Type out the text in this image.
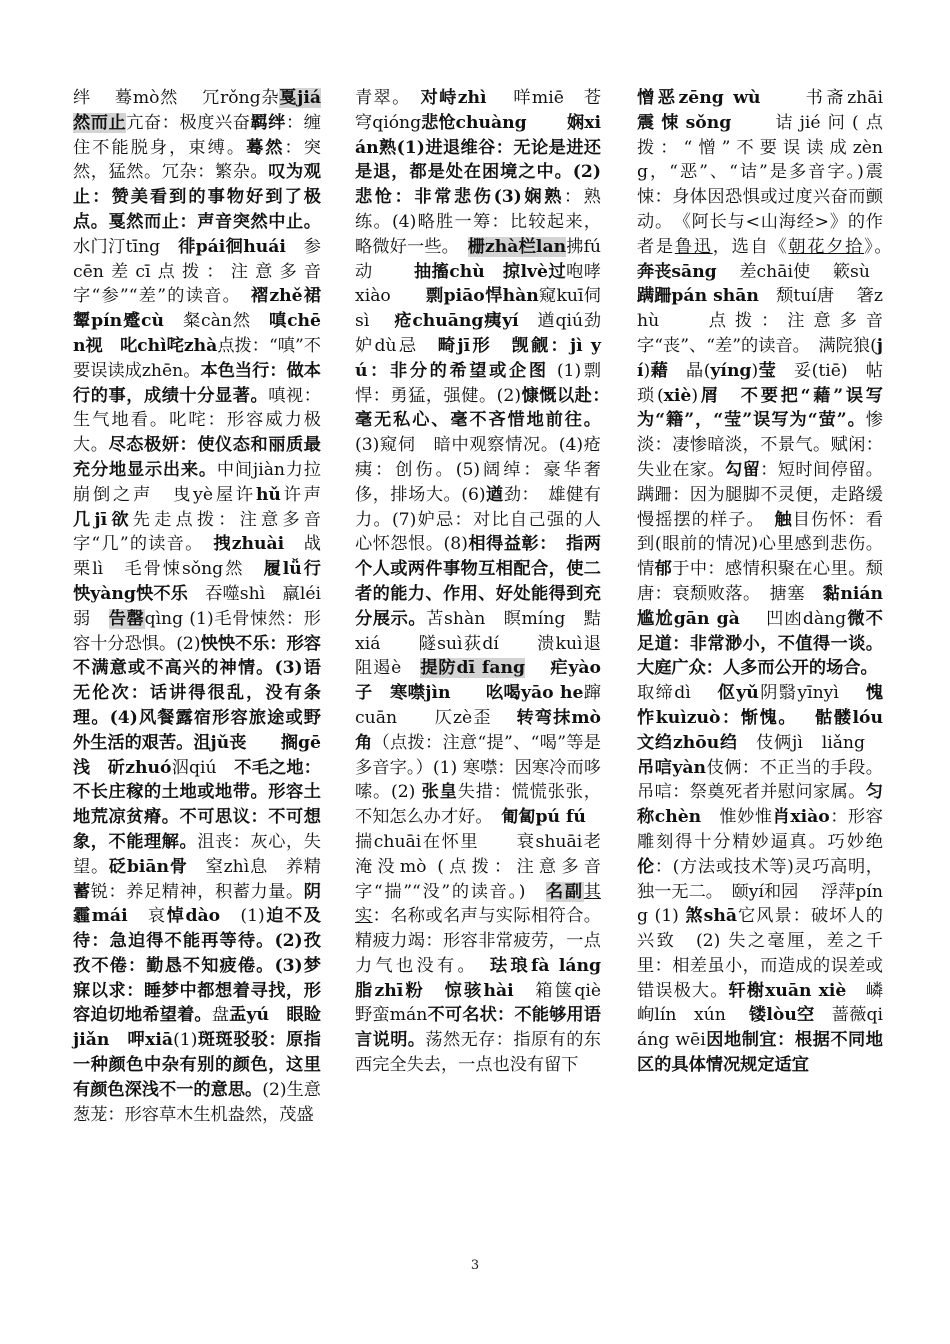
绊　 蓦mò然　 冗rǒng杂戛jiá然而止亢奋：极度兴奋羁绊：缠住不能脱身，束缚。蓦然：突然，猛然。冗杂：繁杂。叹为观止：赞美看到的事物好到了极点。戛然而止：声音突然中止。水门汀tīng　徘pái徊huái　参cēn差cī点拨：注意多音字“参”“差”的读音。　褶zhě裙　颦pín蹙cù　粲càn然　嗔chēn视　叱chì咤zhà点拨：“嗔”不要误读成zhēn。本色当行：做本行的事，成绩十分显著。嗔视：生气地看。叱咤：形容威力极大。尽态极妍：使仪态和丽质最充分地显示出来。中间jiàn力拉崩倒之声　曳yè屋许hǔ许声　几jī欲先走点拨：注意多音字“几”的读音。　拽zhuài　战栗lì　毛骨悚sǒng然　履lǚ行　怏yàng怏不乐　吞噬shì　羸léi弱　告罄qìng (1)毛骨悚然：形容十分恐惧。(2)怏怏不乐：形容不满意或不高兴的神情。(3)语无伦次：话讲得很乱，没有条理。(4)风餐露宿形容旅途或野外生活的艰苦。沮jǔ丧　　搁gē浅　斫zhuó泅qiú　不毛之地：不长庄稼的土地或地带。形容土地荒凉贫瘠。不可思议：不可想象，不能理解。沮丧：灰心，失望。砭biān骨　窒zhì息　养精蓄锐：养足精神，积蓄力量。阴霾mái　哀悼dào　(1)迫不及待：急迫得不能再等待。(2)孜孜不倦：勤恳不知疲倦。(3)梦寐以求：睡梦中都想着寻找，形容迫切地希望着。盘盂yú　眼睑jiǎn　呷xiā(1)斑斑驳驳：原指一种颜色中杂有别的颜色，这里有颜色深浅不一的意思。(2)生意葱茏：形容草木生机盎然，茂盛
青翠。　对峙zhì　 咩miē　苍穹qióng悲怆chuàng　　 娴xián熟(1)进退维谷：无论是进还是退，都是处在困境之中。(2)悲怆：非常悲伤(3)娴熟：熟练。(4)略胜一筹：比较起来，略微好一些。　栅zhà栏lan拂fú动　　 抽搐chù　掠lvè过咆哮xiào　　剽piāo悍hàn窥kuī伺sì　 疮chuāng痍yí　遒qiú劲　妒dù忌　畸jī形　觊觎：jì yú：非分的希望或企图 (1)剽悍：勇猛，强健。(2)慷慨以赴：　毫无私心、毫不吝惜地前往。(3)窥伺　暗中观察情况。(4)疮痍：创伤。(5)阔绰：豪华奢侈，排场大。(6)遒劲：　雄健有力。(7)妒忌：对比自己强的人心怀怨恨。(8)相得益彰：　指两个人或两件事物互相配合，使二者的能力、作用、好处能得到充分展示。苫shàn　瞑míng　黠xiá　　隧suì荻dí　　溃kuì退　　阻遏è　提防dī fang　 疟yào子　寒噤jìn　　吆喝yāo he蹿cuān　　仄zè歪　 转弯抹mò角（点拨：注意“提”、“喝”等是多音字。）(1) 寒噤：因寒冷而哆嗦。(2) 张皇失措：慌慌张张，不知怎么办才好。　匍匐pú fú　揣chuāi在怀里　　衰shuāi老　　淹没mò (点拨：注意多音字“揣”“没”的读音。)　名副其实：名称或名声与实际相符合。精疲力竭：形容非常疲劳，一点力气也没有。　珐琅fà láng　　脂zhī粉　惊骇hài　箱箧qiè　 野蛮mán不可名状：不能够用语言说明。荡然无存：指原有的东西完全失去，一点也没有留下
憎恶zēng wù　　书斋zhāi　震悚sǒng　 诘jié问(点拨：“憎”不要误读成zèng，“恶”、“诘”是多音字。)震悚：身体因恐惧或过度兴奋而颤动。　《阿长与<山海经>》的作者是鲁迅，选自《朝花夕拾》。　奔丧sāng　 差chāi使　 簌sù　 蹒跚pán shān　颓tuí唐　 箸zhù　 点拨：注意多音字“丧”、“差”的读音。　满院狼(jí)藉　晶(yíng)莹　妥(tiē)　帖　琐(xiè)屑　不要把“藉”误写为“籍”，“莹”误写为“萤”。惨淡：凄惨暗淡，不景气。赋闲：失业在家。勾留：短时间停留。蹒跚：因为腿脚不灵便，走路缓慢摇摆的样子。　触目伤怀：看到(眼前的情况)心里感到悲伤。情郁于中：感情积聚在心里。颓唐：衰颓败落。　搪塞　黏nián尴尬gān gà　 凹凼dàng微不足道：非常渺小，不值得一谈。大庭广众：人多而公开的场合。　 取缔dì　 伛yǔ阴翳yīnyì　 愧怍kuìzuò：惭愧。　 骷髅lóu　文绉zhōu绉　伎俩jì　liǎng　 吊唁yàn伎俩：不正当的手段。吊唁：祭奠死者并慰问家属。匀称chèn　惟妙惟肖xiào：形容雕刻得十分精妙逼真。巧妙绝伦：(方法或技术等)灵巧高明，独一无二。　颐yí和园　 浮萍píng (1) 煞shā它风景：破坏人的兴致　(2) 失之毫厘，差之千里：相差虽小，而造成的误差或错误极大。轩榭xuān xiè　嶙峋lín　xún　 镂lòu空　蔷薇qiáng wēi因地制宜：根据不同地区的具体情况规定适宜
3
